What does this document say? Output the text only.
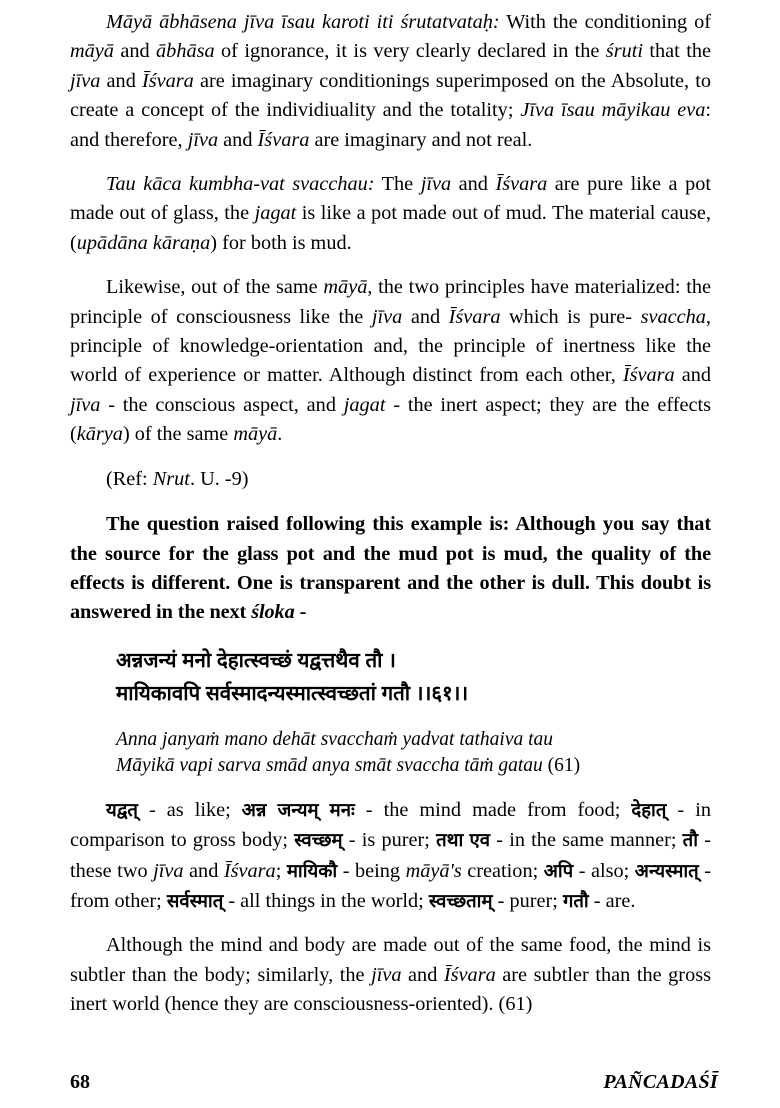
Māyā ābhāsena jīva īsau karoti iti śrutatvataḥ: With the conditioning of māyā and ābhāsa of ignorance, it is very clearly declared in the śruti that the jīva and Īśvara are imaginary conditionings superimposed on the Absolute, to create a concept of the individiuality and the totality; Jīva īsau māyikau eva: and therefore, jīva and Īśvara are imaginary and not real.

Tau kāca kumbha-vat svacchau: The jīva and Īśvara are pure like a pot made out of glass, the jagat is like a pot made out of mud. The material cause, (upādāna kāraṇa) for both is mud.

Likewise, out of the same māyā, the two principles have materialized: the principle of consciousness like the jīva and Īśvara which is pure- svaccha, principle of knowledge-orientation and, the principle of inertness like the world of experience or matter. Although distinct from each other, Īśvara and jīva - the conscious aspect, and jagat - the inert aspect; they are the effects (kārya) of the same māyā.

(Ref: Nrut. U. -9)

The question raised following this example is: Although you say that the source for the glass pot and the mud pot is mud, the quality of the effects is different. One is transparent and the other is dull. This doubt is answered in the next śloka -

अन्नजन्यं मनो देहात्स्वच्छं यद्वत्तथैव तौ ।
मायिकावपि सर्वस्मादन्यस्मात्स्वच्छतां गतौ ।।६१।।
Anna janyaṁ mano dehāt svacchaṁ yadvat tathaiva tau
Māyikā vapi sarva smād anya smāt svaccha tāṁ gatau (61)

यद्वत् - as like; अन्न जन्यम् मनः - the mind made from food; देहात् - in comparison to gross body; स्वच्छम् - is purer; तथा एव - in the same manner; तौ - these two jīva and Īśvara; मायिकौ - being māyā's creation; अपि - also; अन्यस्मात् - from other; सर्वस्मात् - all things in the world; स्वच्छताम् - purer; गतौ - are.

Although the mind and body are made out of the same food, the mind is subtler than the body; similarly, the jīva and Īśvara are subtler than the gross inert world (hence they are consciousness-oriented). (61)

68	PAÑCADAŚĪ
